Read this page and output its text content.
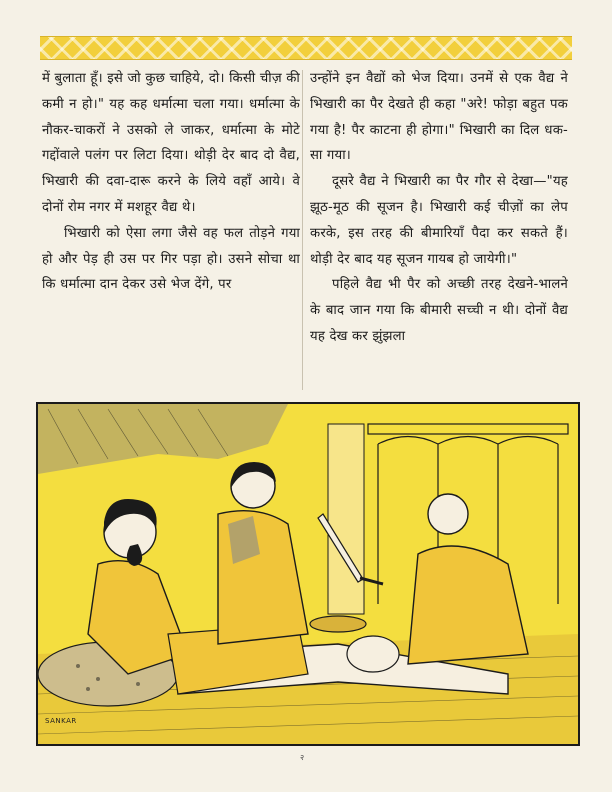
में बुलाता हूँ। इसे जो कुछ चाहिये, दो। किसी चीज़ की कमी न हो।" यह कह धर्मात्मा चला गया। धर्मात्मा के नौकर-चाकरों ने उसको ले जाकर, धर्मात्मा के मोटे गद्दोंवाले पलंग पर लिटा दिया। थोड़ी देर बाद दो वैद्य, भिखारी की दवा-दारू करने के लिये वहाँ आये। वे दोनों रोम नगर में मशहूर वैद्य थे।

भिखारी को ऐसा लगा जैसे वह फल तोड़ने गया हो और पेड़ ही उस पर गिर पड़ा हो। उसने सोचा था कि धर्मात्मा दान देकर उसे भेज देंगे, पर

उन्होंने इन वैद्यों को भेज दिया। उनमें से एक वैद्य ने भिखारी का पैर देखते ही कहा "अरे! फोड़ा बहुत पक गया है! पैर काटना ही होगा।" भिखारी का दिल धक-सा गया।

दूसरे वैद्य ने भिखारी का पैर गौर से देखा—"यह झूठ-मूठ की सूजन है। भिखारी कई चीज़ों का लेप करके, इस तरह की बीमारियाँ पैदा कर सकते हैं। थोड़ी देर बाद यह सूजन गायब हो जायेगी।"

पहिले वैद्य भी पैर को अच्छी तरह देखने-भालने के बाद जान गया कि बीमारी सच्ची न थी। दोनों वैद्य यह देख कर झुंझला

SANKAR
२
